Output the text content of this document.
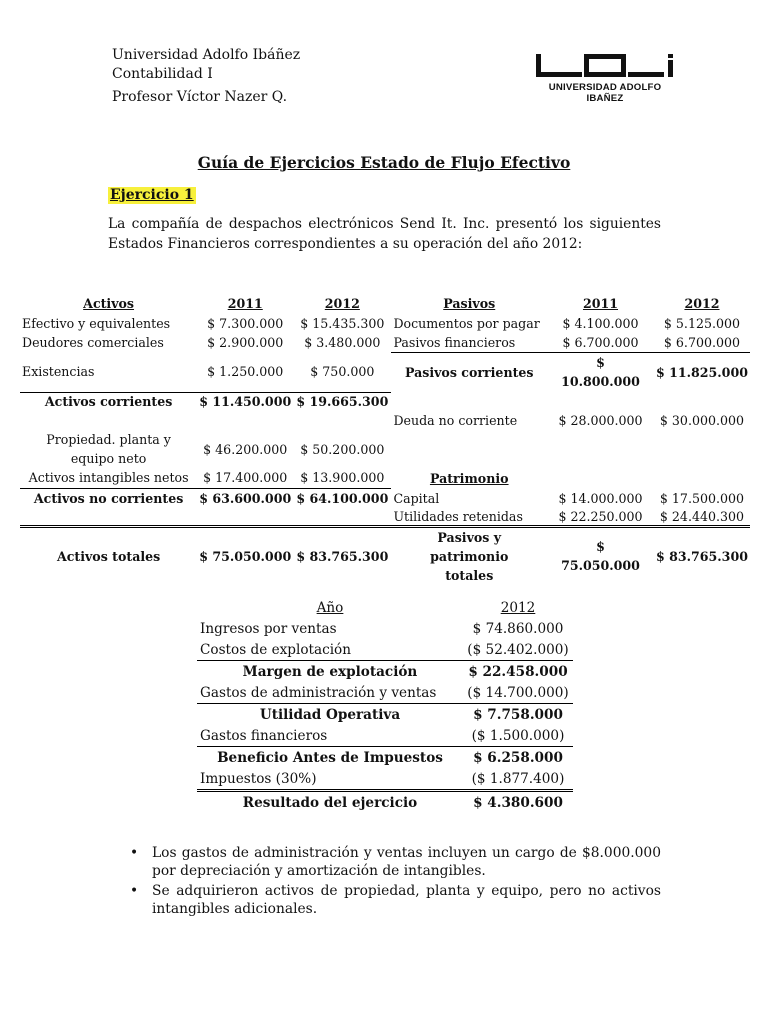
Universidad Adolfo Ibáñez
Contabilidad I
Profesor Víctor Nazer Q.
UNIVERSIDAD ADOLFO IBAÑEZ
Guía de Ejercicios Estado de Flujo Efectivo
Ejercicio 1
La compañía de despachos electrónicos Send It. Inc. presentó los siguientes Estados Financieros correspondientes a su operación del año 2012:
Activos	2011	2012	Pasivos	2011	2012
Efectivo y equivalentes	$ 7.300.000	$ 15.435.300	Documentos por pagar	$ 4.100.000	$ 5.125.000
Deudores comerciales	$ 2.900.000	$ 3.480.000	Pasivos financieros	$ 6.700.000	$ 6.700.000
Existencias	$ 1.250.000	$ 750.000	Pasivos corrientes	$ 10.800.000	$ 11.825.000
Activos corrientes	$ 11.450.000	$ 19.665.300			
			Deuda no corriente	$ 28.000.000	$ 30.000.000
Propiedad. planta y equipo neto	$ 46.200.000	$ 50.200.000			
Activos intangibles netos	$ 17.400.000	$ 13.900.000	Patrimonio		
Activos no corrientes	$ 63.600.000	$ 64.100.000	Capital	$ 14.000.000	$ 17.500.000
			Utilidades retenidas	$ 22.250.000	$ 24.440.300
Activos totales	$ 75.050.000	$ 83.765.300	Pasivos y patrimonio totales	$ 75.050.000	$ 83.765.300
Año	2012
Ingresos por ventas	$ 74.860.000
Costos de explotación	($ 52.402.000)
Margen de explotación	$ 22.458.000
Gastos de administración y ventas	($ 14.700.000)
Utilidad Operativa	$ 7.758.000
Gastos financieros	($ 1.500.000)
Beneficio Antes de Impuestos	$ 6.258.000
Impuestos (30%)	($ 1.877.400)
Resultado del ejercicio	$ 4.380.600
• Los gastos de administración y ventas incluyen un cargo de $8.000.000 por depreciación y amortización de intangibles.
• Se adquirieron activos de propiedad, planta y equipo, pero no activos intangibles adicionales.
